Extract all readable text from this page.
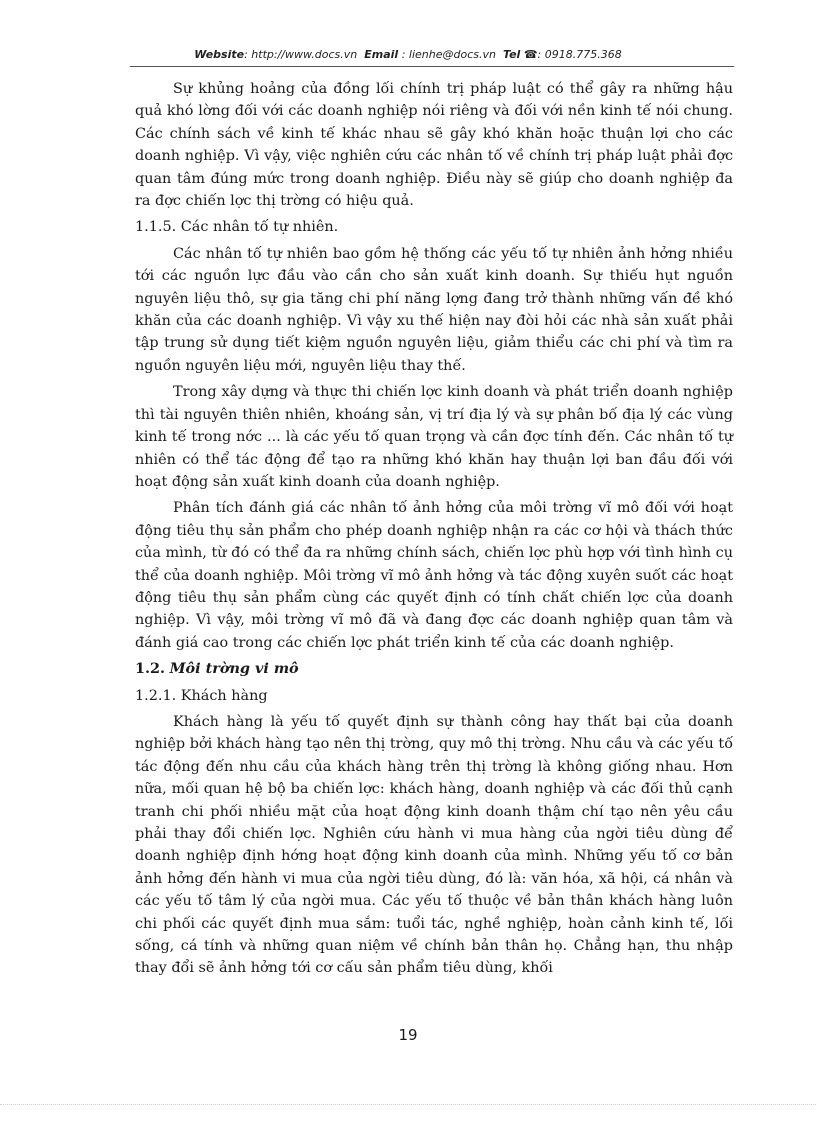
Website: http://www.docs.vn Email : lienhe@docs.vn Tel ☎: 0918.775.368

Sự khủng hoảng của đồng lối chính trị pháp luật có thể gây ra những hậu quả khó lờng đối với các doanh nghiệp nói riêng và đối với nền kinh tế nói chung. Các chính sách về kinh tế khác nhau sẽ gây khó khăn hoặc thuận lợi cho các doanh nghiệp. Vì vậy, việc nghiên cứu các nhân tố về chính trị pháp luật phải đợc quan tâm đúng mức trong doanh nghiệp. Điều này sẽ giúp cho doanh nghiệp đa ra đợc chiến lợc thị trờng có hiệu quả.

1.1.5. Các nhân tố tự nhiên.

Các nhân tố tự nhiên bao gồm hệ thống các yếu tố tự nhiên ảnh hởng nhiều tới các nguồn lực đầu vào cần cho sản xuất kinh doanh. Sự thiếu hụt nguồn nguyên liệu thô, sự gia tăng chi phí năng lợng đang trở thành những vấn đề khó khăn của các doanh nghiệp. Vì vậy xu thế hiện nay đòi hỏi các nhà sản xuất phải tập trung sử dụng tiết kiệm nguồn nguyên liệu, giảm thiểu các chi phí và tìm ra nguồn nguyên liệu mới, nguyên liệu thay thế.

Trong xây dựng và thực thi chiến lợc kinh doanh và phát triển doanh nghiệp thì tài nguyên thiên nhiên, khoáng sản, vị trí địa lý và sự phân bố địa lý các vùng kinh tế trong nớc ... là các yếu tố quan trọng và cần đợc tính đến. Các nhân tố tự nhiên có thể tác động để tạo ra những khó khăn hay thuận lợi ban đầu đối với hoạt động sản xuất kinh doanh của doanh nghiệp.

Phân tích đánh giá các nhân tố ảnh hởng của môi trờng vĩ mô đối với hoạt động tiêu thụ sản phẩm cho phép doanh nghiệp nhận ra các cơ hội và thách thức của mình, từ đó có thể đa ra những chính sách, chiến lợc phù hợp với tình hình cụ thể của doanh nghiệp. Môi trờng vĩ mô ảnh hởng và tác động xuyên suốt các hoạt động tiêu thụ sản phẩm cùng các quyết định có tính chất chiến lợc của doanh nghiệp. Vì vậy, môi trờng vĩ mô đã và đang đợc các doanh nghiệp quan tâm và đánh giá cao trong các chiến lợc phát triển kinh tế của các doanh nghiệp.

1.2. Môi trờng vi mô

1.2.1. Khách hàng

Khách hàng là yếu tố quyết định sự thành công hay thất bại của doanh nghiệp bởi khách hàng tạo nên thị trờng, quy mô thị trờng. Nhu cầu và các yếu tố tác động đến nhu cầu của khách hàng trên thị trờng là không giống nhau. Hơn nữa, mối quan hệ bộ ba chiến lợc: khách hàng, doanh nghiệp và các đối thủ cạnh tranh chi phối nhiều mặt của hoạt động kinh doanh thậm chí tạo nên yêu cầu phải thay đổi chiến lợc. Nghiên cứu hành vi mua hàng của ngời tiêu dùng để doanh nghiệp định hớng hoạt động kinh doanh của mình. Những yếu tố cơ bản ảnh hởng đến hành vi mua của ngời tiêu dùng, đó là: văn hóa, xã hội, cá nhân và các yếu tố tâm lý của ngời mua. Các yếu tố thuộc về bản thân khách hàng luôn chi phối các quyết định mua sắm: tuổi tác, nghề nghiệp, hoàn cảnh kinh tế, lối sống, cá tính và những quan niệm về chính bản thân họ. Chẳng hạn, thu nhập thay đổi sẽ ảnh hởng tới cơ cấu sản phẩm tiêu dùng, khối

19
